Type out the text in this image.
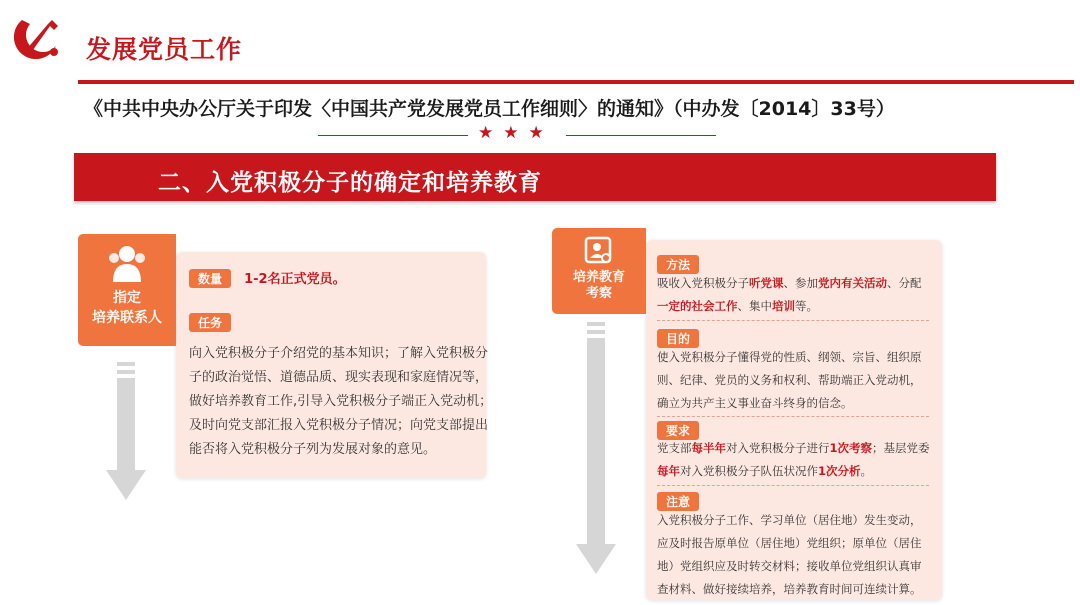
发展党员工作
《中共中央办公厅关于印发〈中国共产党发展党员工作细则〉的通知》（中办发〔2014〕33号）
★★★
二、入党积极分子的确定和培养教育
指定
培养联系人
数量 1-2名正式党员。
任务
向入党积极分子介绍党的基本知识；了解入党积极分
子的政治觉悟、道德品质、现实表现和家庭情况等，
做好培养教育工作,引导入党积极分子端正入党动机；
及时向党支部汇报入党积极分子情况；向党支部提出
能否将入党积极分子列为发展对象的意见。
培养教育
考察
方法
吸收入党积极分子听党课、参加党内有关活动、分配
一定的社会工作、集中培训等。
目的
使入党积极分子懂得党的性质、纲领、宗旨、组织原
则、纪律、党员的义务和权利、帮助端正入党动机，
确立为共产主义事业奋斗终身的信念。
要求
党支部每半年对入党积极分子进行1次考察；基层党委
每年对入党积极分子队伍状况作1次分析。
注意
入党积极分子工作、学习单位（居住地）发生变动，
应及时报告原单位（居住地）党组织；原单位（居住
地）党组织应及时转交材料；接收单位党组织认真审
查材料、做好接续培养，培养教育时间可连续计算。
